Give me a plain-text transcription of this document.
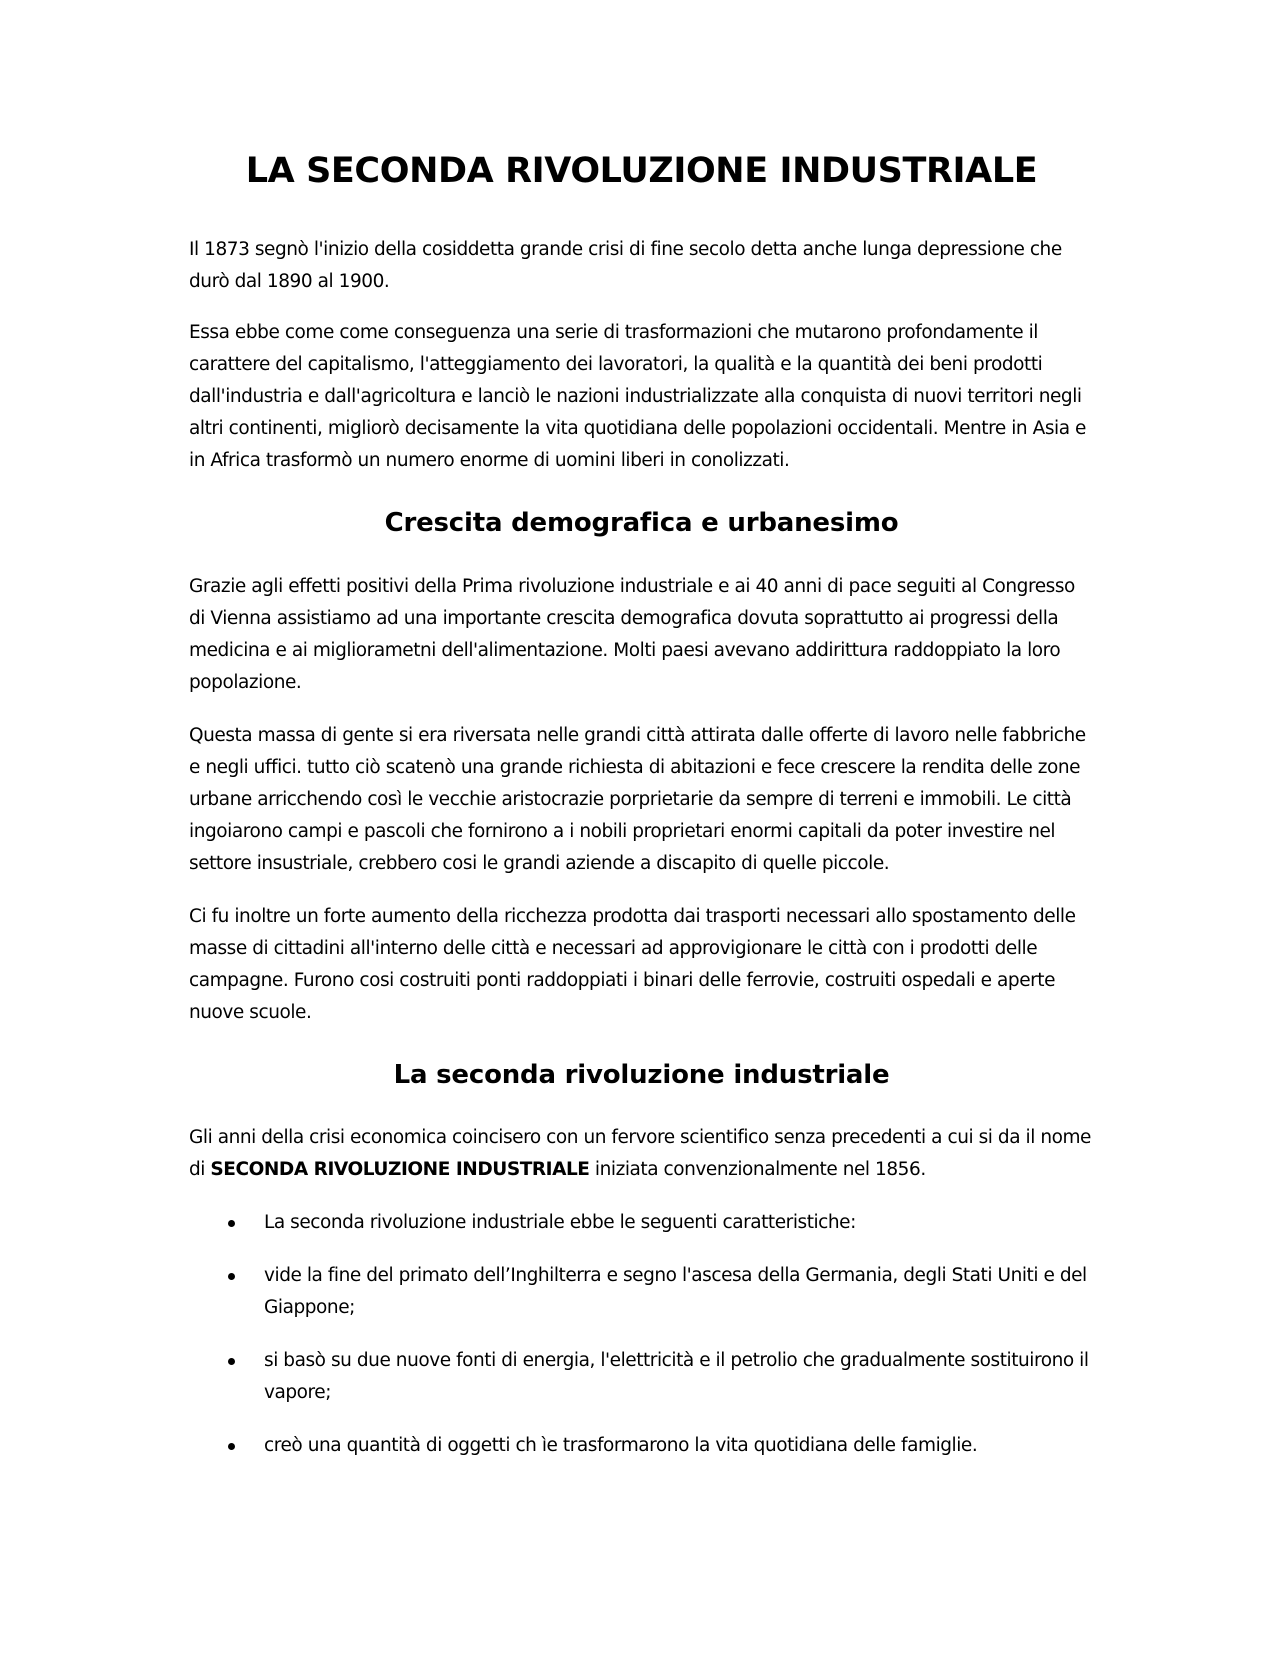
LA SECONDA RIVOLUZIONE INDUSTRIALE

Il 1873 segnò l'inizio della cosiddetta grande crisi di fine secolo detta anche lunga depressione che durò dal 1890 al 1900.

Essa ebbe come come conseguenza una serie di trasformazioni che mutarono profondamente il carattere del capitalismo, l'atteggiamento dei lavoratori, la qualità e la quantità dei beni prodotti dall'industria e dall'agricoltura e lanciò le nazioni industrializzate alla conquista di nuovi territori negli altri continenti, migliorò decisamente la vita quotidiana delle popolazioni occidentali. Mentre in Asia e in Africa trasformò un numero enorme di uomini liberi in conolizzati.

Crescita demografica e urbanesimo

Grazie agli effetti positivi della Prima rivoluzione industriale e ai 40 anni di pace seguiti al Congresso di Vienna assistiamo ad una importante crescita demografica dovuta soprattutto ai progressi della medicina e ai migliorametni dell'alimentazione. Molti paesi avevano addirittura raddoppiato la loro popolazione.

Questa massa di gente si era riversata nelle grandi città attirata dalle offerte di lavoro nelle fabbriche e negli uffici. tutto ciò scatenò una grande richiesta di abitazioni e fece crescere la rendita delle zone urbane arricchendo così le vecchie aristocrazie porprietarie da sempre di terreni e immobili. Le città ingoiarono campi e pascoli che fornirono a i nobili proprietari enormi capitali da poter investire nel settore insustriale, crebbero cosi le grandi aziende a discapito di quelle piccole.

Ci fu inoltre un forte aumento della ricchezza prodotta dai trasporti necessari allo spostamento delle masse di cittadini all'interno delle città e necessari ad approvigionare le città con i prodotti delle campagne. Furono cosi costruiti ponti raddoppiati i binari delle ferrovie, costruiti ospedali e aperte nuove scuole.

La seconda rivoluzione industriale

Gli anni della crisi economica coincisero con un fervore scientifico senza precedenti a cui si da il nome di SECONDA RIVOLUZIONE INDUSTRIALE iniziata convenzionalmente nel 1856.

La seconda rivoluzione industriale ebbe le seguenti caratteristiche:
vide la fine del primato dell’Inghilterra e segno l'ascesa della Germania, degli Stati Uniti e del Giappone;
si basò su due nuove fonti di energia, l'elettricità e il petrolio che gradualmente sostituirono il vapore;
creò una quantità di oggetti ch ìe trasformarono la vita quotidiana delle famiglie.
